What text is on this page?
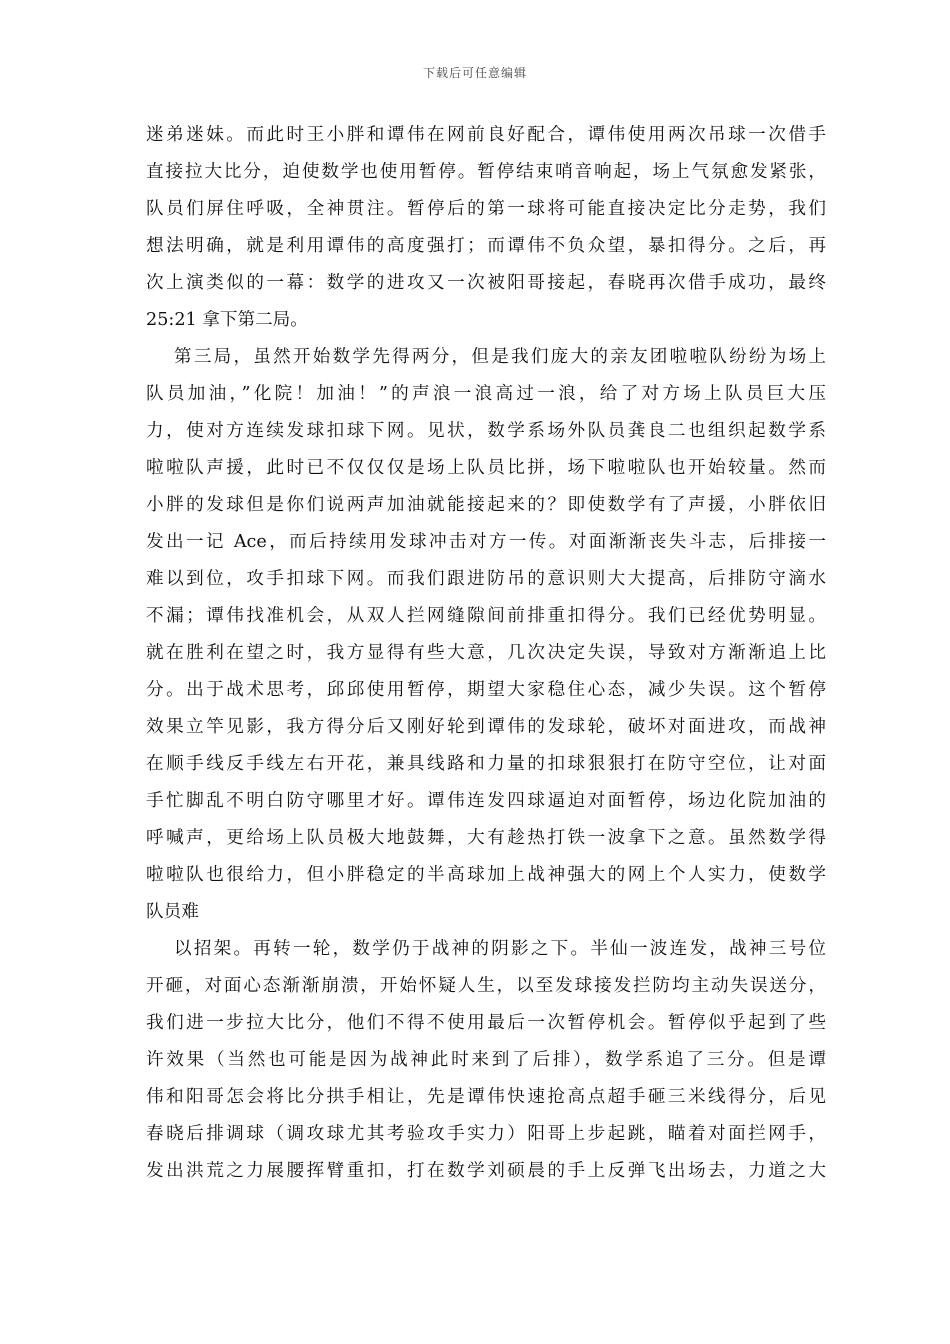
下载后可任意编辑
迷弟迷妹。而此时王小胖和谭伟在网前良好配合，谭伟使用两次吊球一次借手
直接拉大比分，迫使数学也使用暂停。暂停结束哨音响起，场上气氛愈发紧张，
队员们屏住呼吸，全神贯注。暂停后的第一球将可能直接决定比分走势，我们
想法明确，就是利用谭伟的高度强打；而谭伟不负众望，暴扣得分。之后，再
次上演类似的一幕：数学的进攻又一次被阳哥接起，春晓再次借手成功，最终
25:21 拿下第二局。
第三局，虽然开始数学先得两分，但是我们庞大的亲友团啦啦队纷纷为场上
队员加油，”化院！加油！”的声浪一浪高过一浪，给了对方场上队员巨大压
力，使对方连续发球扣球下网。见状，数学系场外队员龚良二也组织起数学系
啦啦队声援，此时已不仅仅仅是场上队员比拼，场下啦啦队也开始较量。然而
小胖的发球但是你们说两声加油就能接起来的？即使数学有了声援，小胖依旧
发出一记 Ace，而后持续用发球冲击对方一传。对面渐渐丧失斗志，后排接一
难以到位，攻手扣球下网。而我们跟进防吊的意识则大大提高，后排防守滴水
不漏；谭伟找准机会，从双人拦网缝隙间前排重扣得分。我们已经优势明显。
就在胜利在望之时，我方显得有些大意，几次决定失误，导致对方渐渐追上比
分。出于战术思考，邱邱使用暂停，期望大家稳住心态，减少失误。这个暂停
效果立竿见影，我方得分后又刚好轮到谭伟的发球轮，破坏对面进攻，而战神
在顺手线反手线左右开花，兼具线路和力量的扣球狠狠打在防守空位，让对面
手忙脚乱不明白防守哪里才好。谭伟连发四球逼迫对面暂停，场边化院加油的
呼喊声，更给场上队员极大地鼓舞，大有趁热打铁一波拿下之意。虽然数学得
啦啦队也很给力，但小胖稳定的半高球加上战神强大的网上个人实力，使数学
队员难
以招架。再转一轮，数学仍于战神的阴影之下。半仙一波连发，战神三号位
开砸，对面心态渐渐崩溃，开始怀疑人生，以至发球接发拦防均主动失误送分，
我们进一步拉大比分，他们不得不使用最后一次暂停机会。暂停似乎起到了些
许效果（当然也可能是因为战神此时来到了后排），数学系追了三分。但是谭
伟和阳哥怎会将比分拱手相让，先是谭伟快速抢高点超手砸三米线得分，后见
春晓后排调球（调攻球尤其考验攻手实力）阳哥上步起跳，瞄着对面拦网手，
发出洪荒之力展腰挥臂重扣，打在数学刘硕晨的手上反弹飞出场去，力道之大
